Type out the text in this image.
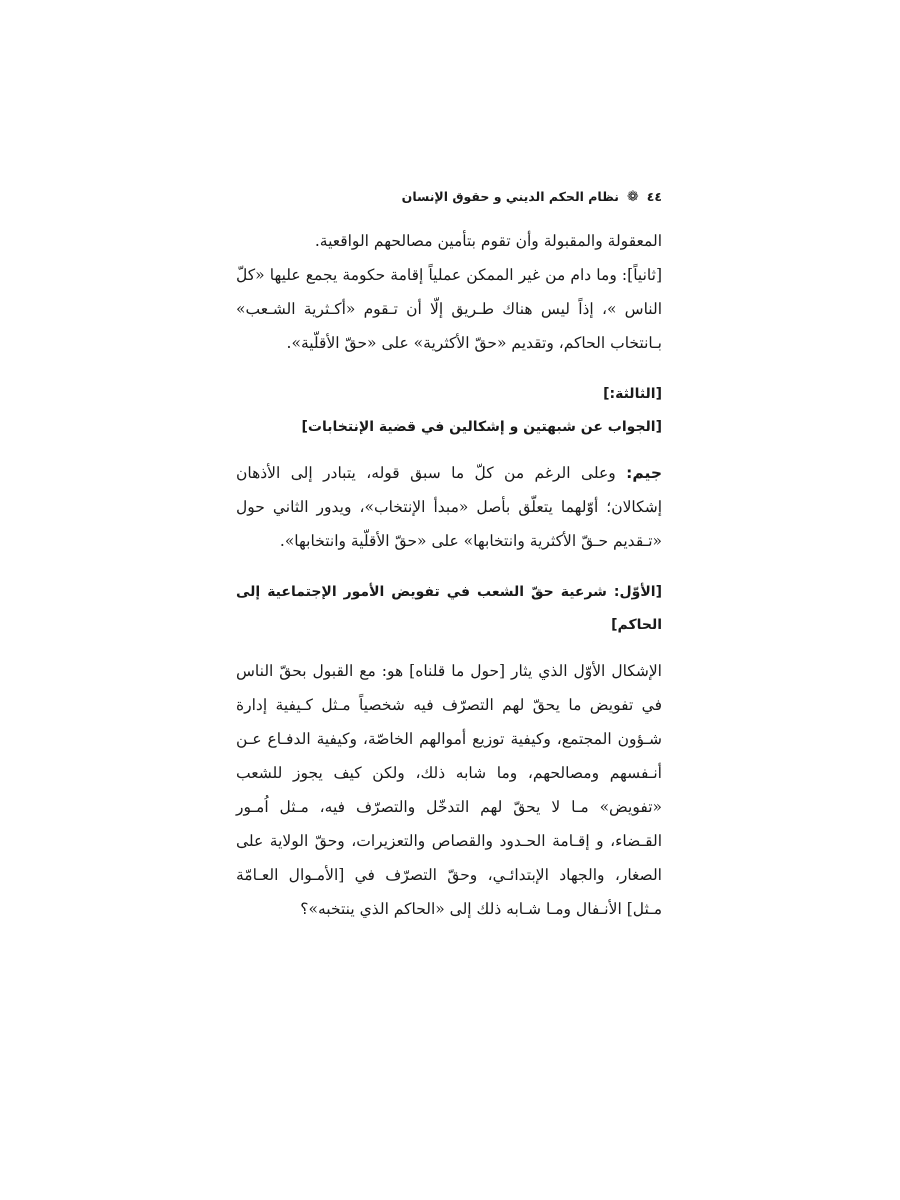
٤٤
❁
نظام الحكم الديني و حقوق الإنسان

المعقولة والمقبولة وأن تقوم بتأمين مصالحهم الواقعية.

[ثانياً]: وما دام من غير الممكن عملياً إقامة حكومة يجمع عليها «كلّ الناس »، إذاً ليس هناك طـريق إلّا أن تـقوم «أكـثرية الشـعب» بـانتخاب الحاكم، وتقديم «حقّ الأكثرية» على «حقّ الأقلّية».

[الثالثة:]

[الجواب عن شبهتين و إشكالين في قضية الإنتخابات]

جيم: وعلى الرغم من كلّ ما سبق قوله، يتبادر إلى الأذهان إشكالان؛ أوّلهما يتعلّق بأصل «مبدأ الإنتخاب»، ويدور الثاني حول «تـقديم حـقّ الأكثرية وانتخابها» على «حقّ الأقلّية وانتخابها».

[الأوّل: شرعية حقّ الشعب في تفويض الأمور الإجتماعية إلى الحاكم]

الإشكال الأوّل الذي يثار [حول ما قلناه] هو: مع القبول بحقّ الناس في تفويض ما يحقّ لهم التصرّف فيه شخصياً مـثل كـيفية إدارة شـؤون المجتمع، وكيفية توزيع أموالهم الخاصّة، وكيفية الدفـاع عـن أنـفسهم ومصالحهم، وما شابه ذلك، ولكن كيف يجوز للشعب «تفويض» مـا لا يحقّ لهم التدخّل والتصرّف فيه، مـثل اُمـور القـضاء، و إقـامة الحـدود والقصاص والتعزيرات، وحقّ الولاية على الصغار، والجهاد الإبتدائـي، وحقّ التصرّف في [الأمـوال العـامّة مـثل] الأنـفال ومـا شـابه ذلك إلى «الحاكم الذي ينتخبه»؟
